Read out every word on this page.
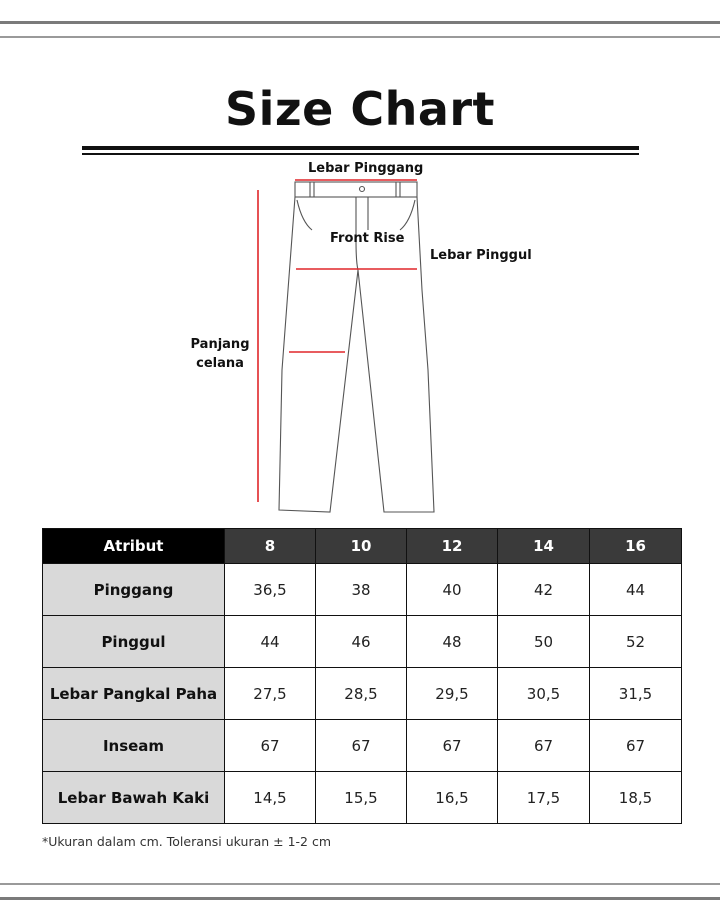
Size Chart
Lebar Pinggang
Front Rise
Lebar Pinggul
Panjang
celana
Atribut	8	10	12	14	16
Pinggang	36,5	38	40	42	44
Pinggul	44	46	48	50	52
Lebar Pangkal Paha	27,5	28,5	29,5	30,5	31,5
Inseam	67	67	67	67	67
Lebar Bawah Kaki	14,5	15,5	16,5	17,5	18,5
*Ukuran dalam cm. Toleransi ukuran ± 1-2 cm
